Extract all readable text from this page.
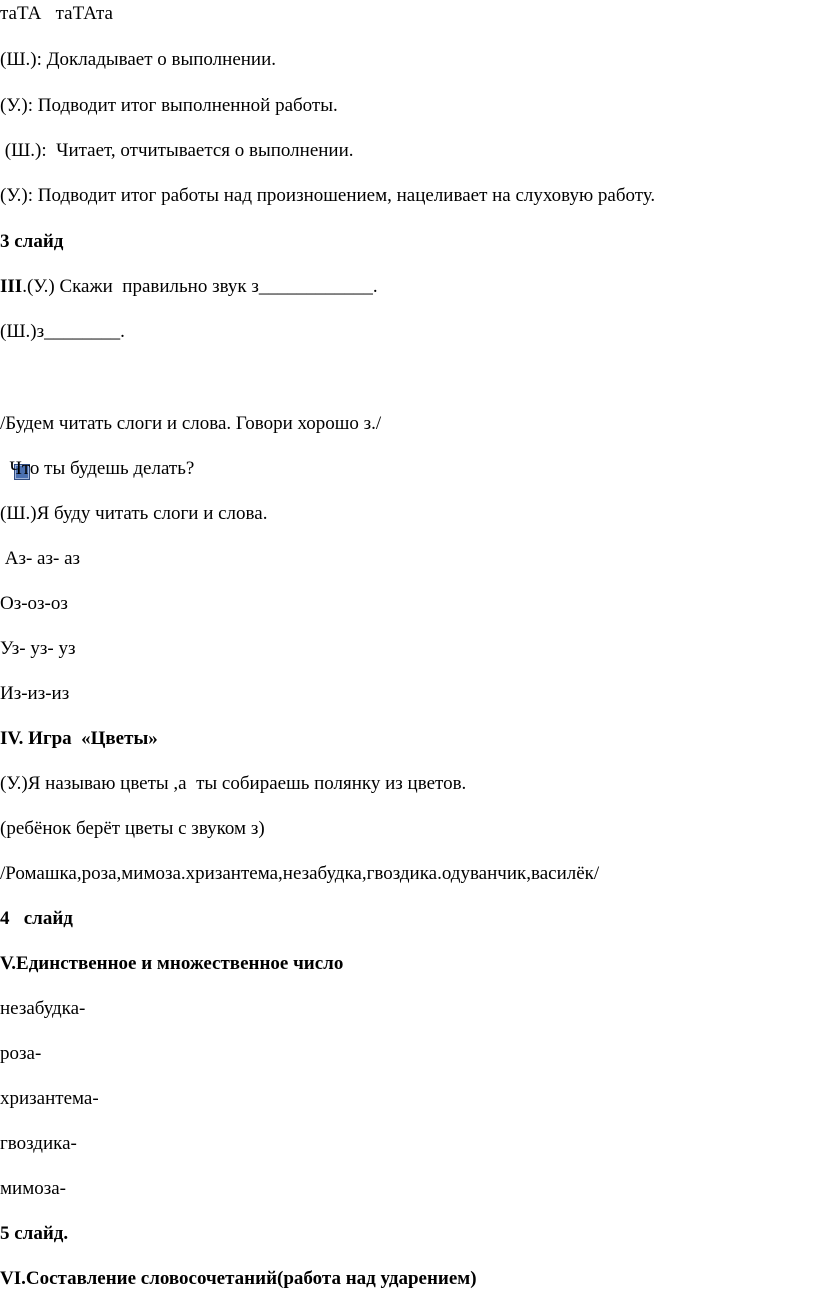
таТА   таТАта
(Ш.): Докладывает о выполнении.
(У.): Подводит итог выполненной работы.
(Ш.):  Читает, отчитывается о выполнении.
(У.): Подводит итог работы над произношением, нацеливает на слуховую работу.
3 слайд
III.(У.) Скажи  правильно звук з____________.
(Ш.)з________.
/Будем читать слоги и слова. Говори хорошо з./
Что ты будешь делать?
(Ш.)Я буду читать слоги и слова.
Аз- аз- аз
Оз-оз-оз
Уз- уз- уз
Из-из-из
IV. Игра  «Цветы»
(У.)Я называю цветы ,а  ты собираешь полянку из цветов.
(ребёнок берёт цветы с звуком з)
/Ромашка,роза,мимоза.хризантема,незабудка,гвоздика.одуванчик,василёк/
4   слайд
V.Единственное и множественное число
незабудка-
роза-
хризантема-
гвоздика-
мимоза-
5 слайд.
VI.Составление словосочетаний(работа над ударением)
